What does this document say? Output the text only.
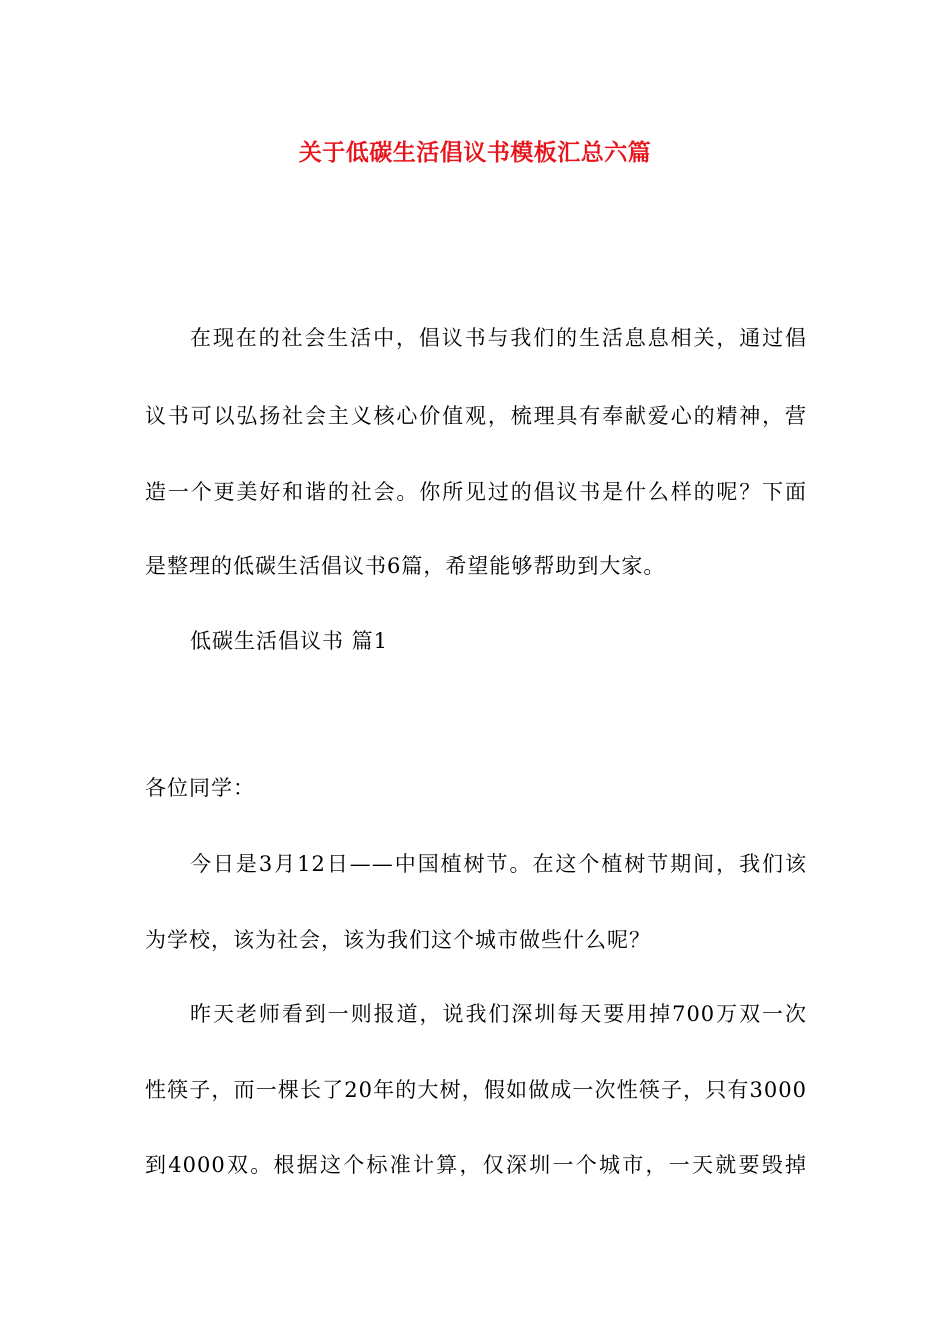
关于低碳生活倡议书模板汇总六篇
在现在的社会生活中，倡议书与我们的生活息息相关，通过倡
议书可以弘扬社会主义核心价值观，梳理具有奉献爱心的精神，营
造一个更美好和谐的社会。你所见过的倡议书是什么样的呢？下面
是整理的低碳生活倡议书6篇，希望能够帮助到大家。
低碳生活倡议书 篇1
各位同学：
今日是3月12日——中国植树节。在这个植树节期间，我们该
为学校，该为社会，该为我们这个城市做些什么呢？
昨天老师看到一则报道，说我们深圳每天要用掉700万双一次
性筷子，而一棵长了20年的大树，假如做成一次性筷子，只有3000
到4000双。根据这个标准计算，仅深圳一个城市，一天就要毁掉
